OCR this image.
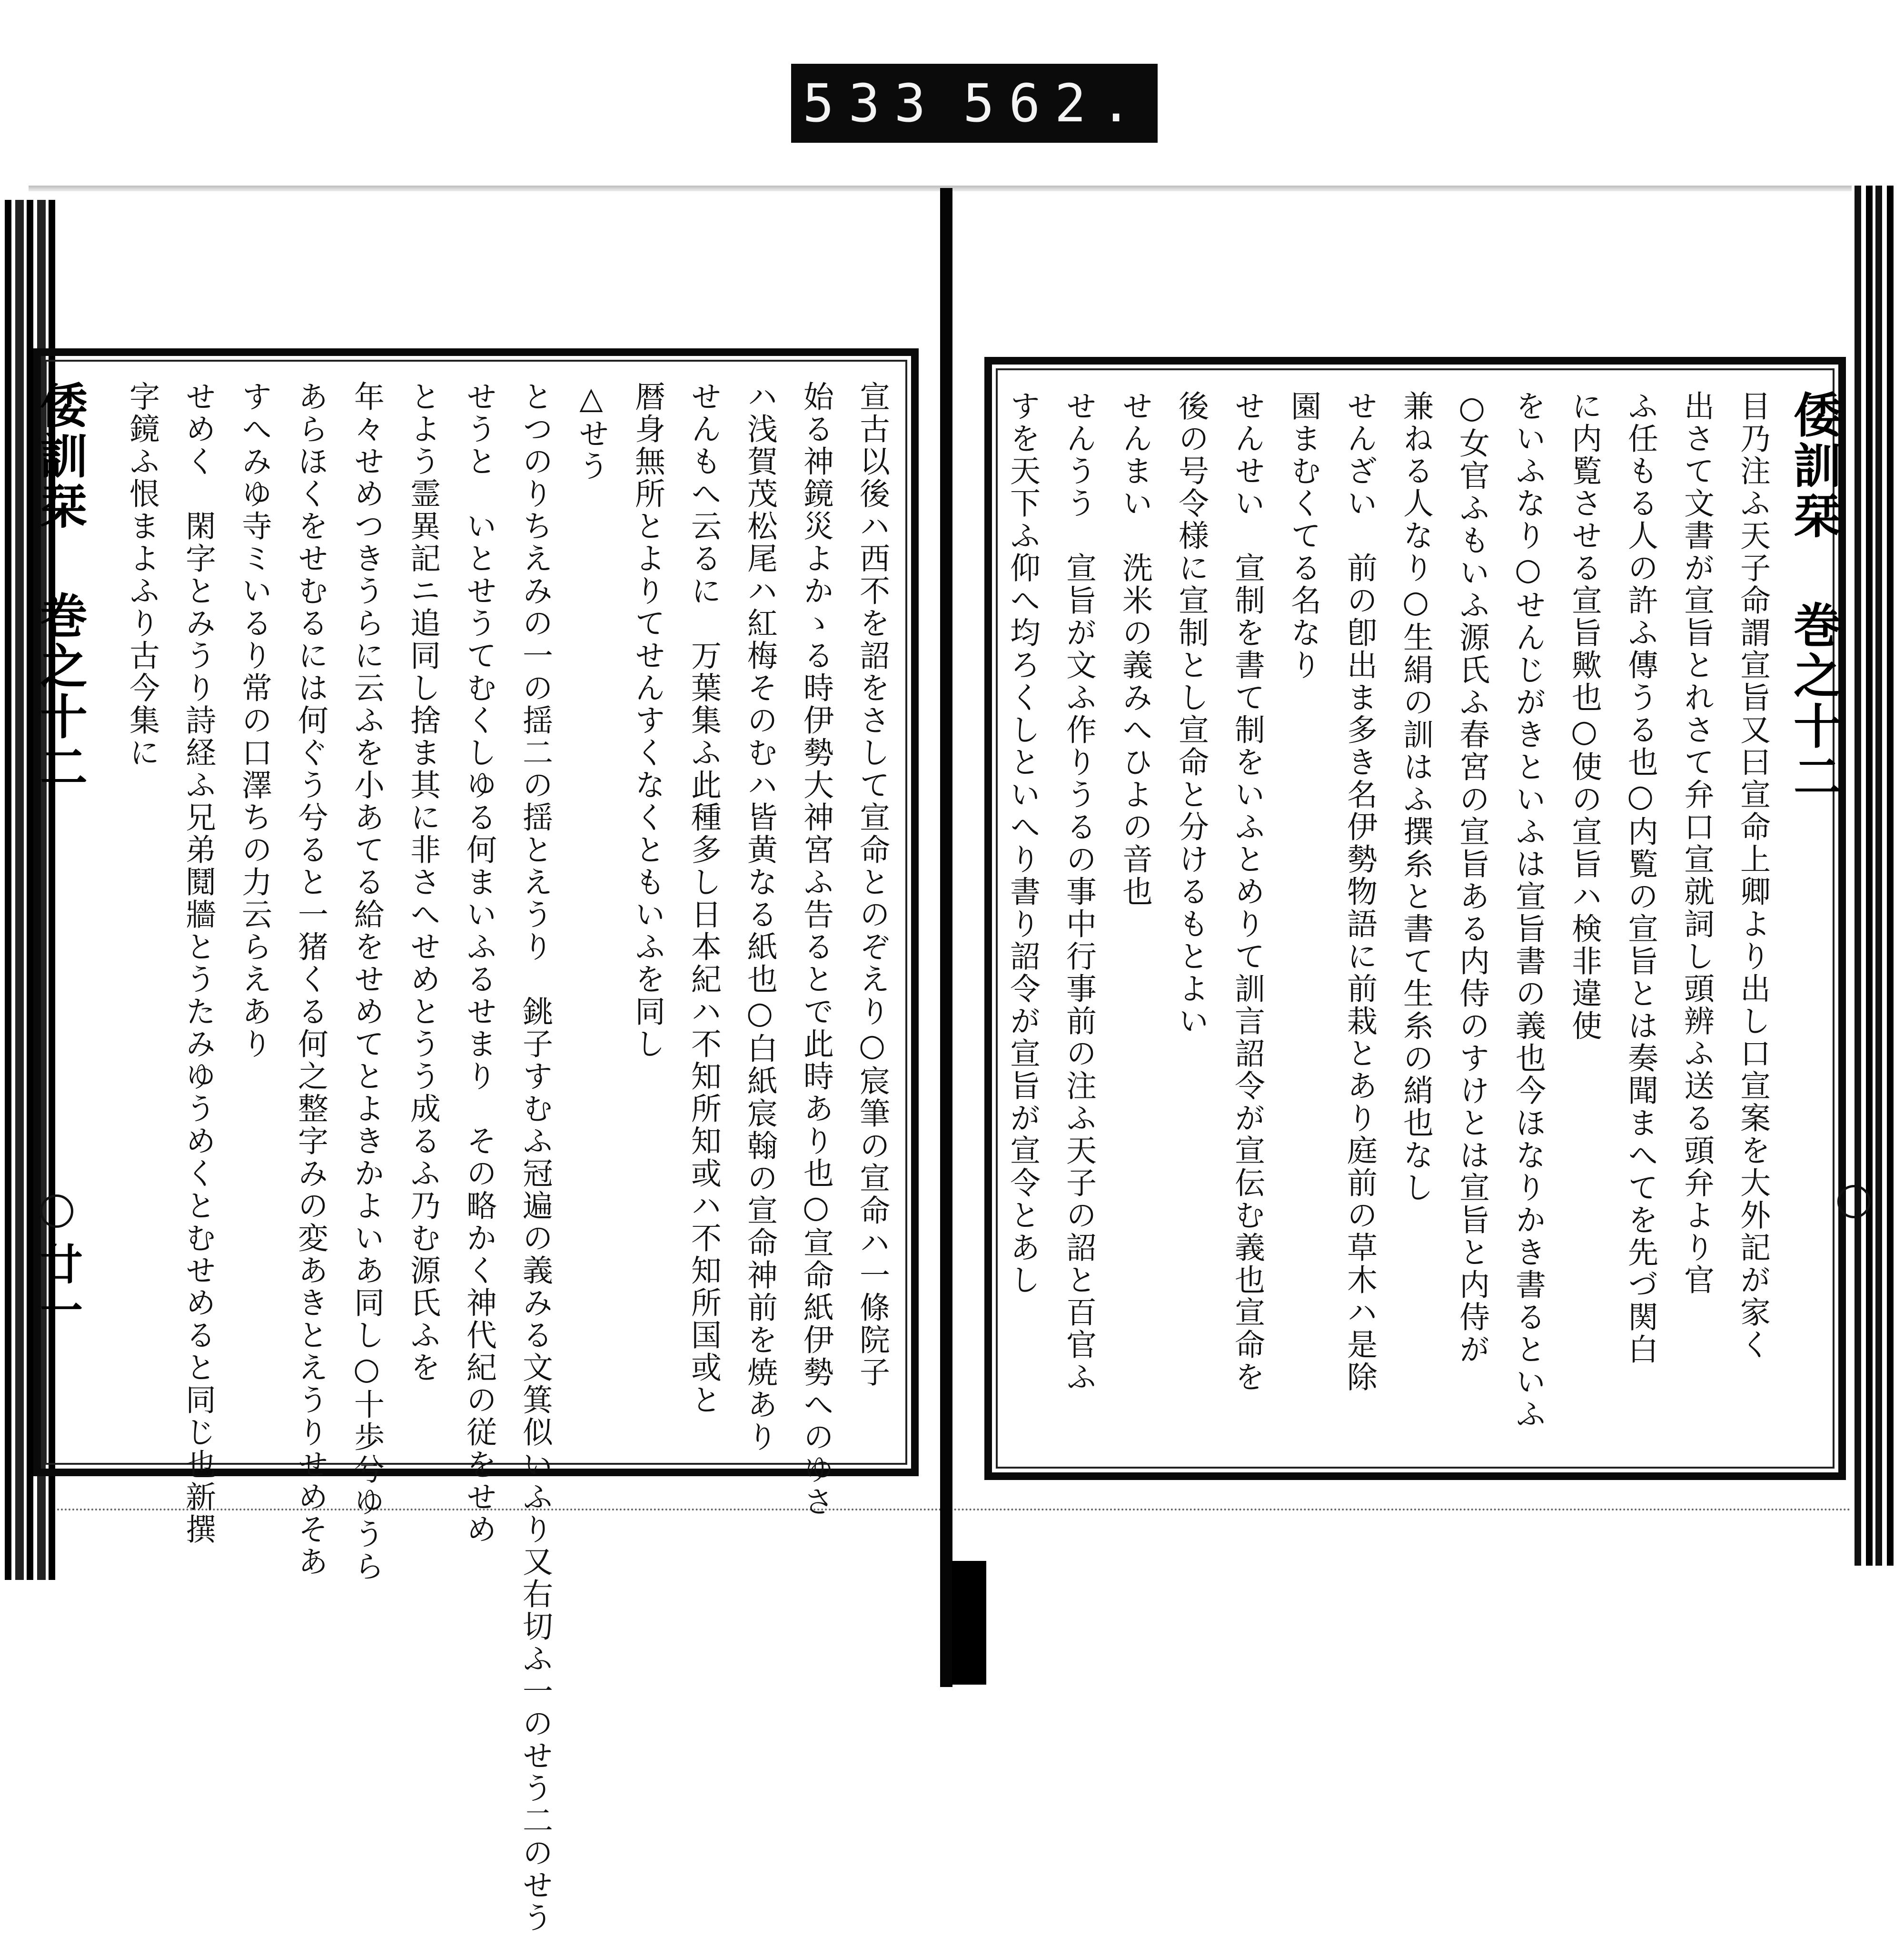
533 562.
倭訓栞 巻之十二
廿一	宣古以後ハ西不を詔をさして宣命とのぞえり○宸筆の宣命ハ一條院子
始る神鏡災よかゝる時伊勢大神宮ふ告るとで此時あり也○宣命紙伊勢へのゆさ
ハ浅賀茂松尾ハ紅梅そのむハ皆黄なる紙也○白紙宸翰の宣命神前を焼あり
せんもへ云るに　万葉集ふ此種多し日本紀ハ不知所知或ハ不知所国或と
暦身無所とよりてせんすくなくともいふを同し
△せう
とつのりちえみの一の揺二の揺とえうり　銚子すむふ冠遍の義みる文箕似いふり又右切ふ一のせう二のせう
せうと　いとせうてむくしゆる何まいふるせまり　その略かく神代紀の従をせめ
とよう霊異記ニ追同し捨ま其に非さへせめとうう成るふ乃む源氏ふを
年々せめつきうらに云ふを小あてる給をせめてとよきかよいあ同し○十歩兮ゆうら
あらほくをせむるには何ぐう兮ると一猪くる何之整字みの変あきとえうりせめそあ
すへみゆ寺ミいるり常の口澤ちの力云らえあり
せめく　閑字とみうり詩経ふ兄弟鬩牆とうたみゆうめくとむせめると同じ也新撰
字鏡ふ恨まよふり古今集に	倭訓栞 巻之十二
目乃注ふ天子命謂宣旨又曰宣命上卿より出し口宣案を大外記が家く
出さて文書が宣旨とれさて弁口宣就詞し頭辨ふ送る頭弁より官
ふ任もる人の許ふ傳うる也○内覧の宣旨とは奏聞まへてを先づ関白
に内覧させる宣旨歟也○使の宣旨ハ検非違使
をいふなり○せんじがきといふは宣旨書の義也今ほなりかき書るといふ
○女官ふもいふ源氏ふ春宮の宣旨ある内侍のすけとは宣旨と内侍が
兼ねる人なり○生絹の訓はふ撰糸と書て生糸の綃也なし
せんざい　前の卽出ま多き名伊勢物語に前栽とあり庭前の草木ハ是除
園まむくてる名なり
せんせい　宣制を書て制をいふとめりて訓言詔令が宣伝む義也宣命を
後の号令様に宣制とし宣命と分けるもとよい
せんまい　洗米の義みへひよの音也
せんうう　宣旨が文ふ作りうるの事中行事前の注ふ天子の詔と百官ふ
すを天下ふ仰へ均ろくしといへり書り詔令が宣旨が宣令とあし
